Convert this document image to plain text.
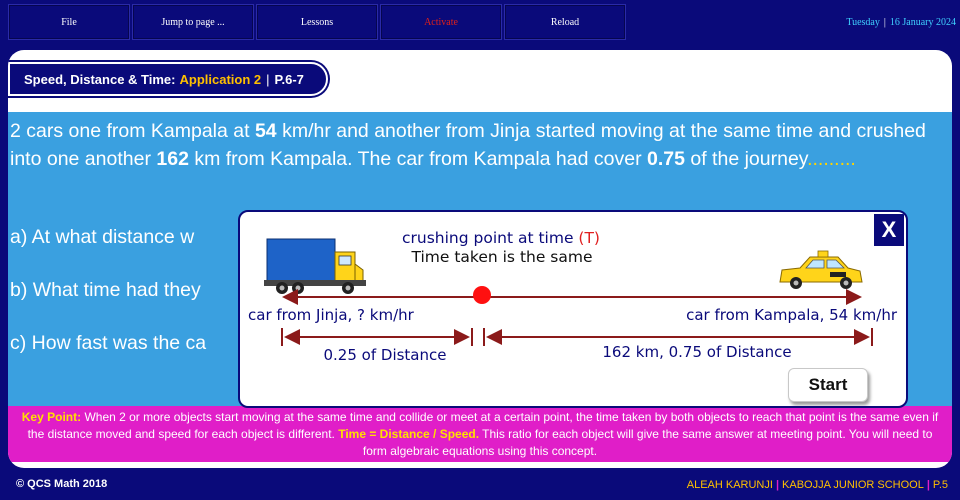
File	Jump to page ...	Lessons	Activate	Reload	Tuesday | 16 January 2024
Speed, Distance & Time: Application 2 | P.6-7
2 cars one from Kampala at 54 km/hr and another from Jinja started moving at the same time and crushed into one another 162 km from Kampala. The car from Kampala had cover 0.75 of the journey.........
a) At what distance w
b) What time had they
c) How fast was the ca
Key Point: When 2 or more objects start moving at the same time and collide or meet at a certain point, the time taken by both objects to reach that point is the same even if the distance moved and speed for each object is different. Time = Distance / Speed. This ratio for each object will give the same answer at meeting point. You will need to form algebraic equations using this concept.
crushing point at time (T)
Time taken is the same
car from Jinja, ? km/hr	car from Kampala, 54 km/hr
0.25 of Distance	162 km, 0.75 of Distance
X
Start
© QCS Math 2018	ALEAH KARUNJI | KABOJJA JUNIOR SCHOOL | P.5
